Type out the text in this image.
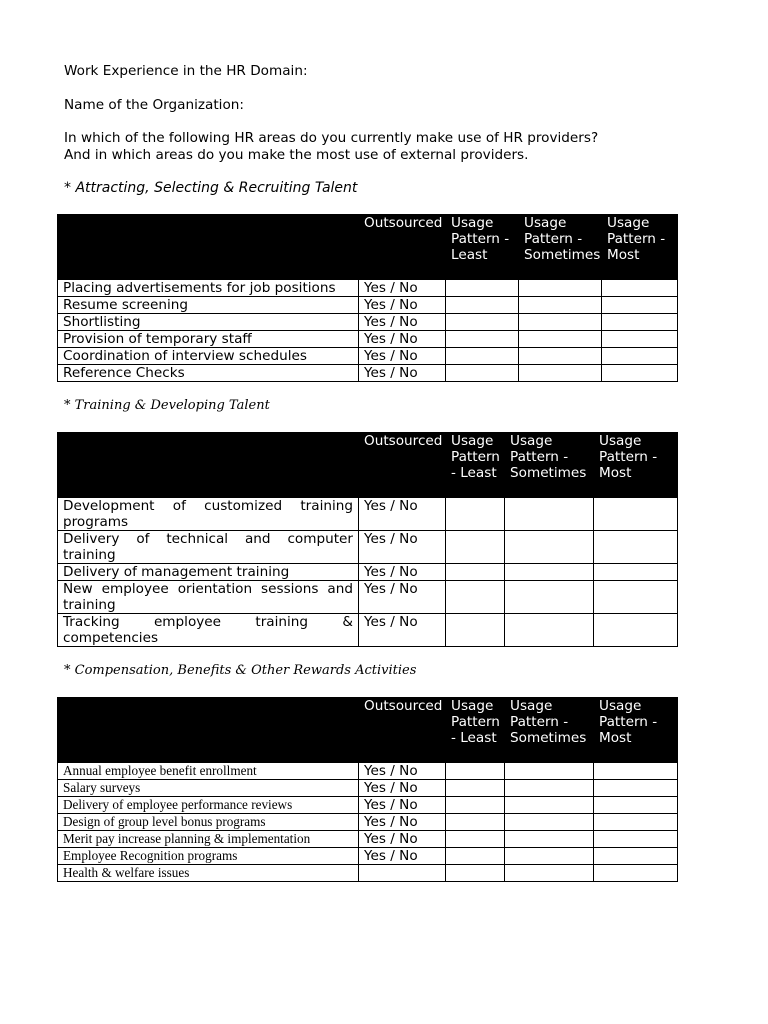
Work Experience in the HR Domain:

Name of the Organization:

In which of the following HR areas do you currently make use of HR providers?

And in which areas do you make the most use of external providers.

* Attracting, Selecting & Recruiting Talent

	Outsourced	Usage Pattern - Least	Usage Pattern - Sometimes	Usage Pattern - Most
Placing advertisements for job positions	Yes / No			
Resume screening	Yes / No			
Shortlisting	Yes / No			
Provision of temporary staff	Yes / No			
Coordination of interview schedules	Yes / No			
Reference Checks	Yes / No			

* Training & Developing Talent

	Outsourced	Usage Pattern - Least	Usage Pattern - Sometimes	Usage Pattern - Most
Development of customized training programs	Yes / No			
Delivery of technical and computer training	Yes / No			
Delivery of management training	Yes / No			
New employee orientation sessions and training	Yes / No			
Tracking employee training & competencies	Yes / No			

* Compensation, Benefits & Other Rewards Activities

	Outsourced	Usage Pattern - Least	Usage Pattern - Sometimes	Usage Pattern - Most
Annual employee benefit enrollment	Yes / No			
Salary surveys	Yes / No			
Delivery of employee performance reviews	Yes / No			
Design of group level bonus programs	Yes / No			
Merit pay increase planning & implementation	Yes / No			
Employee Recognition programs	Yes / No			
Health & welfare issues				
